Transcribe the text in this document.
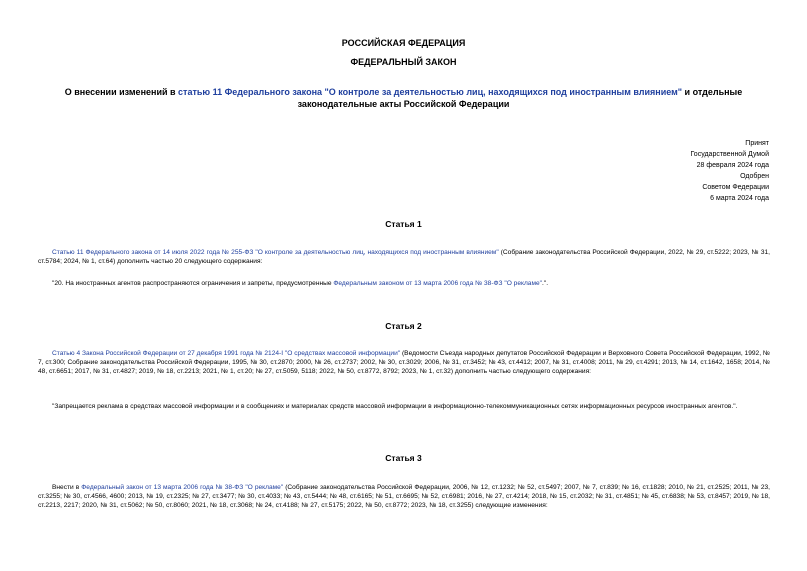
РОССИЙСКАЯ ФЕДЕРАЦИЯ
ФЕДЕРАЛЬНЫЙ ЗАКОН
О внесении изменений в статью 11 Федерального закона "О контроле за деятельностью лиц, находящихся под иностранным влиянием" и отдельные законодательные акты Российской Федерации
Принят
Государственной Думой
28 февраля 2024 года
Одобрен
Советом Федерации
6 марта 2024 года
Статья 1
Статью 11 Федерального закона от 14 июля 2022 года № 255-ФЗ "О контроле за деятельностью лиц, находящихся под иностранным влиянием" (Собрание законодательства Российской Федерации, 2022, № 29, ст.5222; 2023, № 31, ст.5784; 2024, № 1, ст.64) дополнить частью 20 следующего содержания:
"20. На иностранных агентов распространяются ограничения и запреты, предусмотренные Федеральным законом от 13 марта 2006 года № 38-ФЗ "О рекламе".".
Статья 2
Статью 4 Закона Российской Федерации от 27 декабря 1991 года № 2124-I "О средствах массовой информации" (Ведомости Съезда народных депутатов Российской Федерации и Верховного Совета Российской Федерации, 1992, № 7, ст.300; Собрание законодательства Российской Федерации, 1995, № 30, ст.2870; 2000, № 26, ст.2737; 2002, № 30, ст.3029; 2006, № 31, ст.3452; № 43, ст.4412; 2007, № 31, ст.4008; 2011, № 29, ст.4291; 2013, № 14, ст.1642, 1658; 2014, № 48, ст.6651; 2017, № 31, ст.4827; 2019, № 18, ст.2213; 2021, № 1, ст.20; № 27, ст.5059, 5118; 2022, № 50, ст.8772, 8792; 2023, № 1, ст.32) дополнить частью следующего содержания:
"Запрещается реклама в средствах массовой информации и в сообщениях и материалах средств массовой информации в информационно-телекоммуникационных сетях информационных ресурсов иностранных агентов.".
Статья 3
Внести в Федеральный закон от 13 марта 2006 года № 38-ФЗ "О рекламе" (Собрание законодательства Российской Федерации, 2006, № 12, ст.1232; № 52, ст.5497; 2007, № 7, ст.839; № 16, ст.1828; 2010, № 21, ст.2525; 2011, № 23, ст.3255; № 30, ст.4566, 4600; 2013, № 19, ст.2325; № 27, ст.3477; № 30, ст.4033; № 43, ст.5444; № 48, ст.6165; № 51, ст.6695; № 52, ст.6981; 2016, № 27, ст.4214; 2018, № 15, ст.2032; № 31, ст.4851; № 45, ст.6838; № 53, ст.8457; 2019, № 18, ст.2213, 2217; 2020, № 31, ст.5062; № 50, ст.8060; 2021, № 18, ст.3068; № 24, ст.4188; № 27, ст.5175; 2022, № 50, ст.8772; 2023, № 18, ст.3255) следующие изменения:
